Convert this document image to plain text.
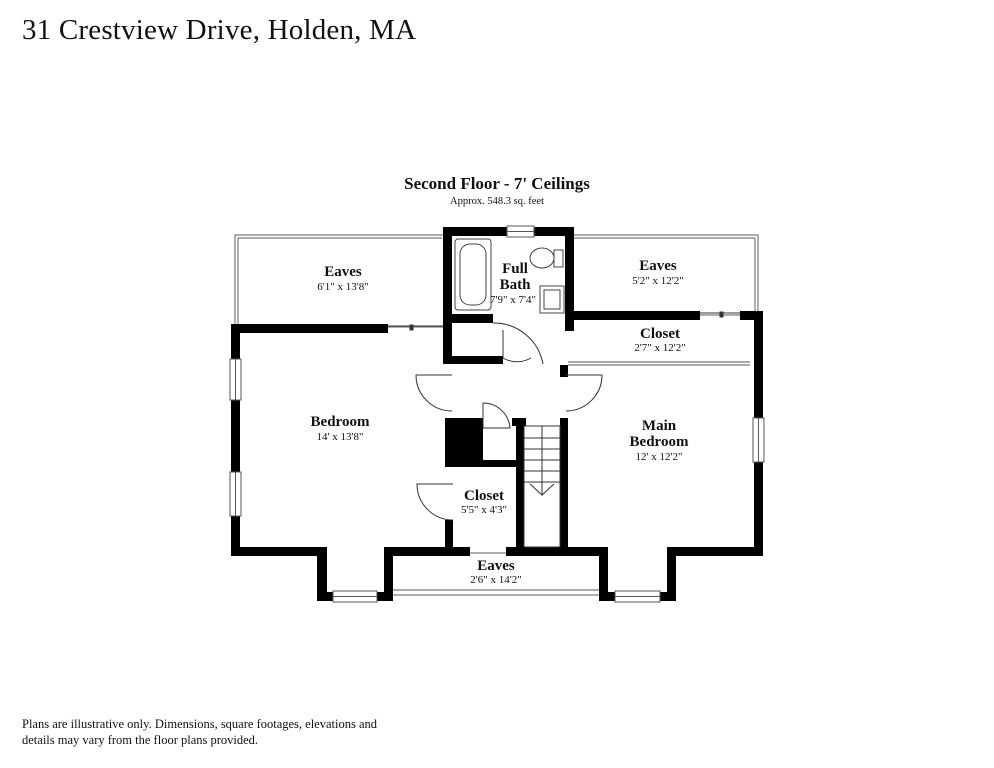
31 Crestview Drive, Holden, MA
Second Floor - 7' Ceilings
Approx. 548.3 sq. feet
Eaves
6'1" x 13'8"
Full
Bath
7'9" x 7'4"
Eaves
5'2" x 12'2"
Closet
2'7" x 12'2"
Bedroom
14' x 13'8"
Main
Bedroom
12' x 12'2"
Closet
5'5" x 4'3"
Eaves
2'6" x 14'2"
Plans are illustrative only. Dimensions, square footages, elevations and details may vary from the floor plans provided.
